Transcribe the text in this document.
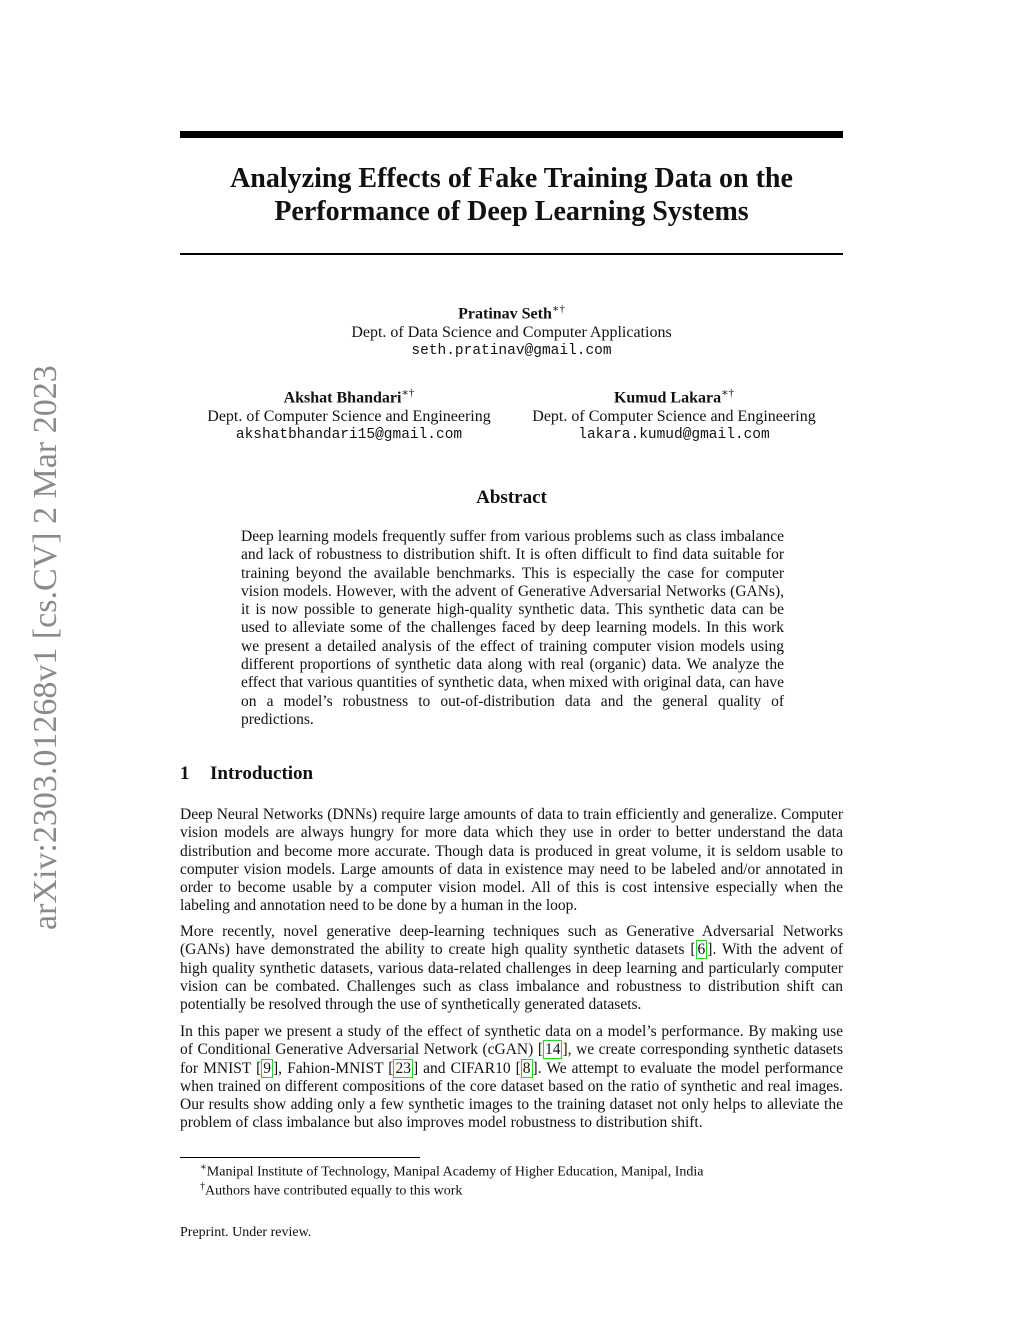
arXiv:2303.01268v1 [cs.CV] 2 Mar 2023
Analyzing Effects of Fake Training Data on the
Performance of Deep Learning Systems
Pratinav Seth∗†
Dept. of Data Science and Computer Applications
seth.pratinav@gmail.com
Akshat Bhandari∗†
Dept. of Computer Science and Engineering
akshatbhandari15@gmail.com
Kumud Lakara∗†
Dept. of Computer Science and Engineering
lakara.kumud@gmail.com
Abstract

Deep learning models frequently suffer from various problems such as class imbalance and lack of robustness to distribution shift. It is often difficult to find data suitable for training beyond the available benchmarks. This is especially the case for computer vision models. However, with the advent of Generative Adversarial Networks (GANs), it is now possible to generate high-quality synthetic data. This synthetic data can be used to alleviate some of the challenges faced by deep learning models. In this work we present a detailed analysis of the effect of training computer vision models using different proportions of synthetic data along with real (organic) data. We analyze the effect that various quantities of synthetic data, when mixed with original data, can have on a model’s robustness to out-of-distribution data and the general quality of predictions.

1 Introduction

Deep Neural Networks (DNNs) require large amounts of data to train efficiently and generalize. Computer vision models are always hungry for more data which they use in order to better understand the data distribution and become more accurate. Though data is produced in great volume, it is seldom usable to computer vision models. Large amounts of data in existence may need to be labeled and/or annotated in order to become usable by a computer vision model. All of this is cost intensive especially when the labeling and annotation need to be done by a human in the loop.

More recently, novel generative deep-learning techniques such as Generative Adversarial Networks (GANs) have demonstrated the ability to create high quality synthetic datasets [ 6 ]. With the advent of high quality synthetic datasets, various data-related challenges in deep learning and particularly computer vision can be combated. Challenges such as class imbalance and robustness to distribution shift can potentially be resolved through the use of synthetically generated datasets.

In this paper we present a study of the effect of synthetic data on a model’s performance. By making use of Conditional Generative Adversarial Network (cGAN) [ 14 ], we create corresponding synthetic datasets for MNIST [ 9 ], Fahion-MNIST [ 23 ] and CIFAR10 [ 8 ]. We attempt to evaluate the model performance when trained on different compositions of the core dataset based on the ratio of synthetic and real images. Our results show adding only a few synthetic images to the training dataset not only helps to alleviate the problem of class imbalance but also improves model robustness to distribution shift.

∗Manipal Institute of Technology, Manipal Academy of Higher Education, Manipal, India
†Authors have contributed equally to this work
Preprint. Under review.
